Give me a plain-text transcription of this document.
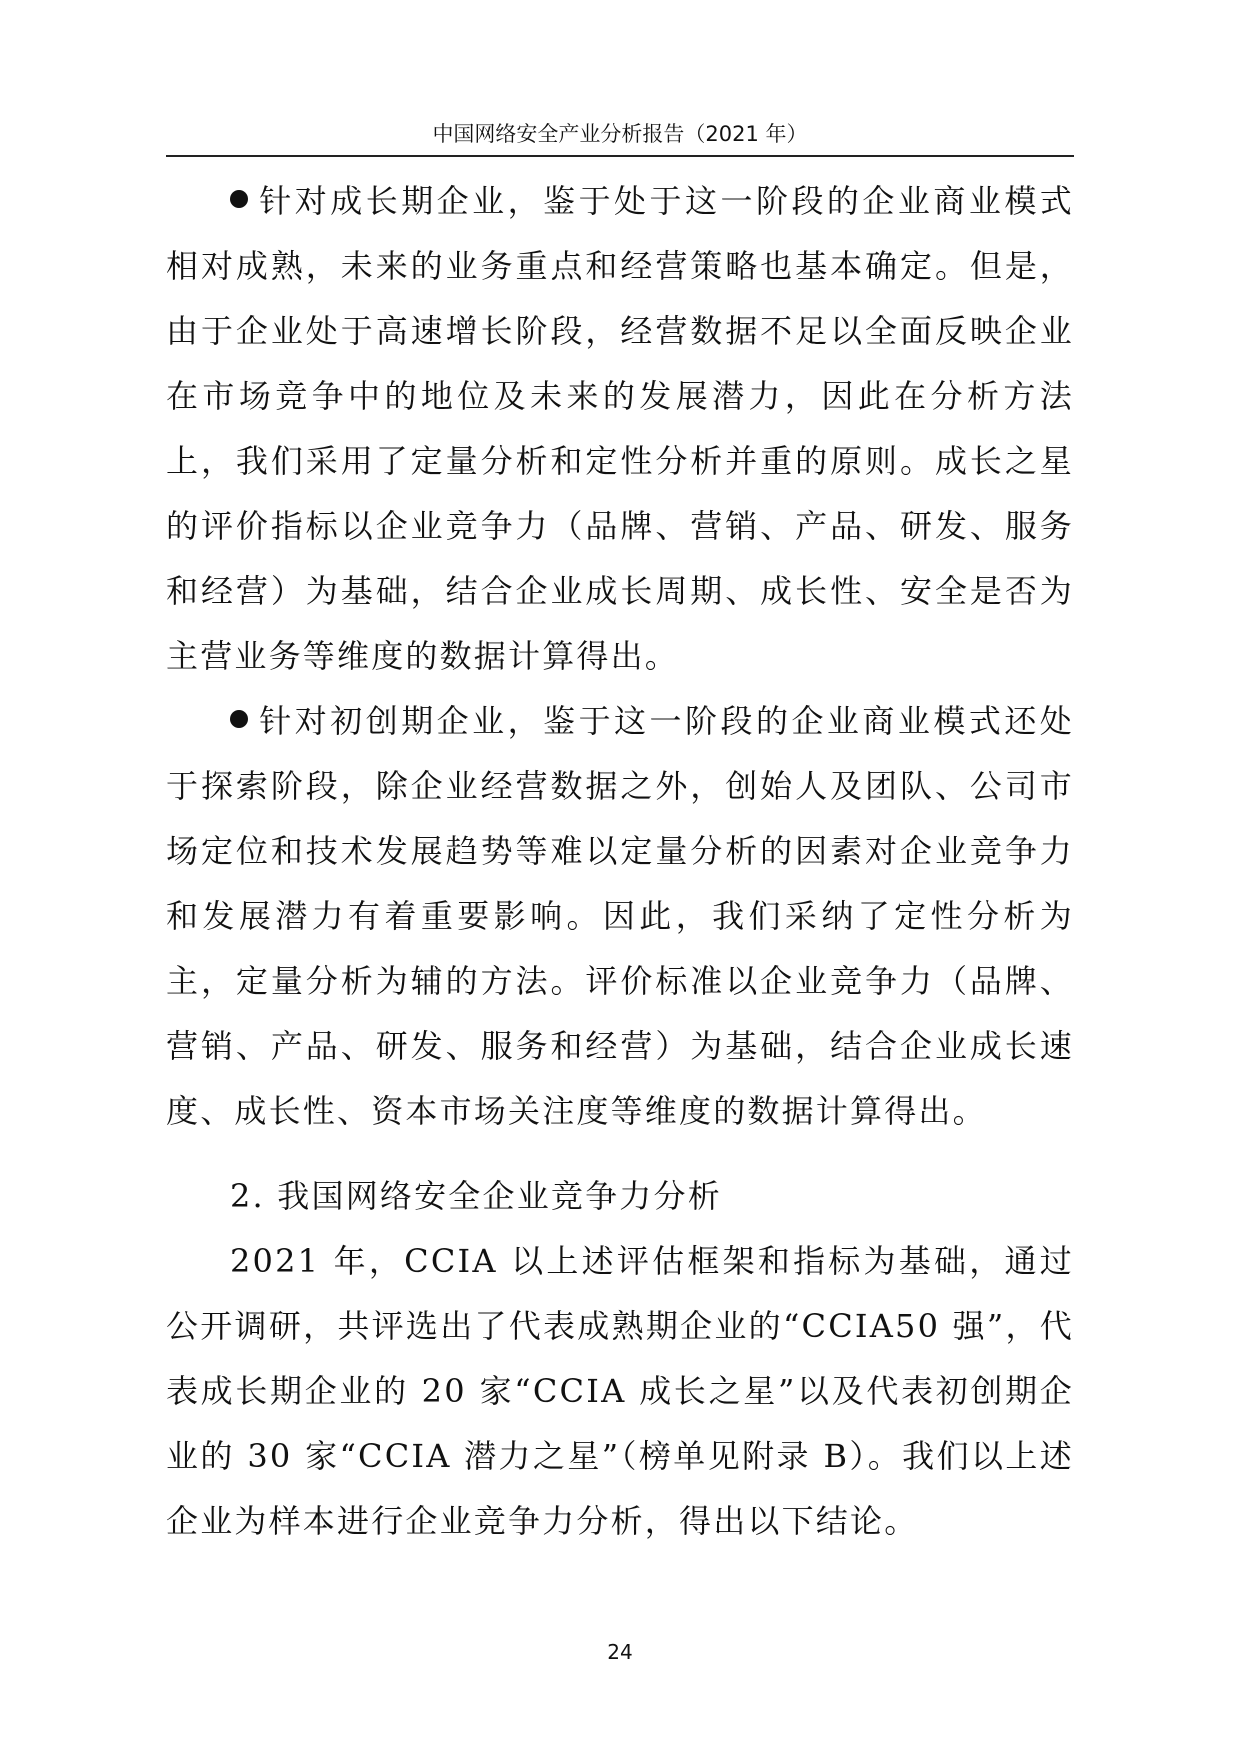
中国网络安全产业分析报告（2021 年）

针对成长期企业，鉴于处于这一阶段的企业商业模式相对成熟，未来的业务重点和经营策略也基本确定。但是，由于企业处于高速增长阶段，经营数据不足以全面反映企业在市场竞争中的地位及未来的发展潜力，因此在分析方法上，我们采用了定量分析和定性分析并重的原则。成长之星的评价指标以企业竞争力（品牌、营销、产品、研发、服务和经营）为基础，结合企业成长周期、成长性、安全是否为主营业务等维度的数据计算得出。

针对初创期企业，鉴于这一阶段的企业商业模式还处于探索阶段，除企业经营数据之外，创始人及团队、公司市场定位和技术发展趋势等难以定量分析的因素对企业竞争力和发展潜力有着重要影响。因此，我们采纳了定性分析为主，定量分析为辅的方法。评价标准以企业竞争力（品牌、营销、产品、研发、服务和经营）为基础，结合企业成长速度、成长性、资本市场关注度等维度的数据计算得出。

2. 我国网络安全企业竞争力分析

2021 年，CCIA 以上述评估框架和指标为基础，通过公开调研，共评选出了代表成熟期企业的“CCIA50 强”，代表成长期企业的 20 家“CCIA 成长之星”以及代表初创期企业的 30 家“CCIA 潜力之星”（榜单见附录 B）。我们以上述企业为样本进行企业竞争力分析，得出以下结论。

24
